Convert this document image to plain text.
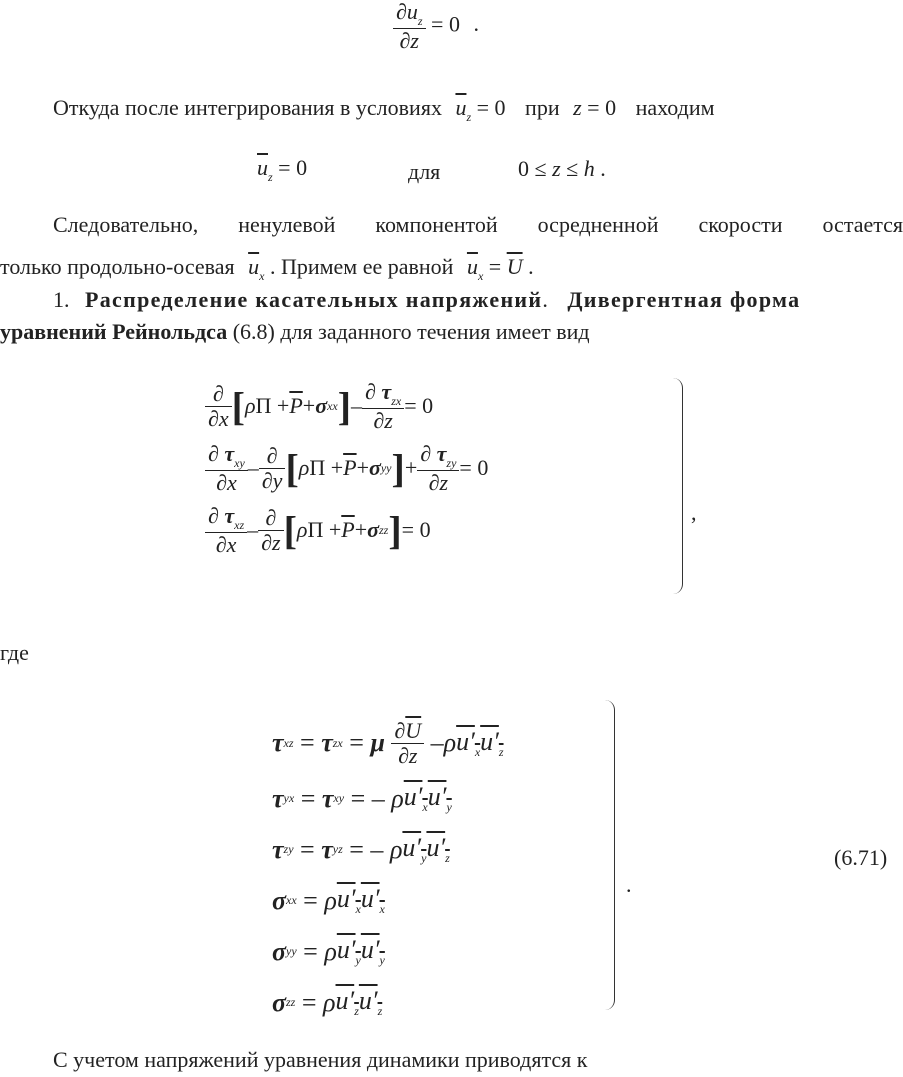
$\frac{\partial\overline{u}_z}{\partial z} = 0$ .
Откуда после интегрирования в условиях $\overline{u}_z = 0$ при z = 0 находим
$\overline{u}_z = 0$	для	0 ≤ z ≤ h .
Следовательно, ненулевой компонентой осредненной скорости остается
только продольно-осевая $\overline{u}_x$ . Примем ее равной $\overline{u}_x = \overline{U}$ .
1. Распределение касательных напряжений. Дивергентная форма
уравнений Рейнольдса (6.8) для заданного течения имеет вид
$\frac{\partial}{\partial x}$ [ ρ $\Pi + \overline{P} + \sigma$ xx ] – $\frac{\partial \tau_{zx}}{\partial z} = 0$
$\frac{\partial \tau_{xy}}{\partial x} - \frac{\partial}{\partial y}$ [ ρ $\Pi + \overline{P} + \sigma$ yy ] + $\frac{\partial \tau_{zy}}{\partial z} = 0$
$\frac{\partial \tau_{xz}}{\partial x} - \frac{\partial}{\partial z}$ [ ρ $\Pi + \overline{P} + \sigma$ zz ] = 0
,
где
τ xz
=
τ zx
=
μ
$\frac{\partial\overline{U}}{\partial z}$ – ρ $u'_xu'_z$
τ yx
=
τ xy
= – ρ $u'_xu'_y$
τ zy
=
τ yz
= – ρ $u'_yu'_z$
σ xx
= ρ $u'_xu'_x$
σ yy
= ρ $u'_yu'_y$
σ zz
= ρ $u'_zu'_z$
.
(6.71)
С учетом напряжений уравнения динамики приводятся к
